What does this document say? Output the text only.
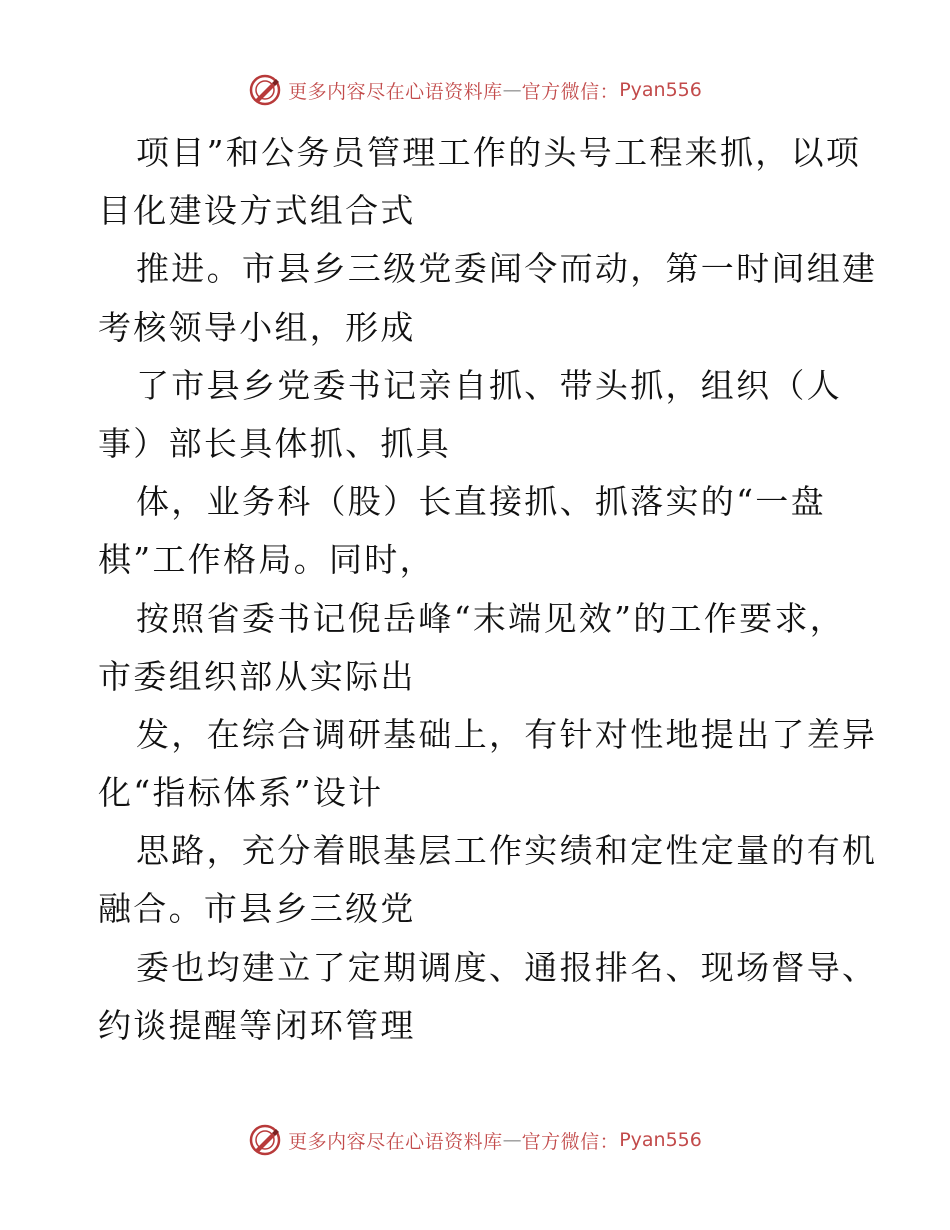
更多内容尽在心语资料库 — 官方微信： Pyan556
项目”和公务员管理工作的头号工程来抓，以项
目化建设方式组合式
推进。市县乡三级党委闻令而动，第一时间组建
考核领导小组，形成
了市县乡党委书记亲自抓、带头抓，组织（人
事）部长具体抓、抓具
体，业务科（股）长直接抓、抓落实的“一盘
棋”工作格局。同时，
按照省委书记倪岳峰“末端见效”的工作要求，
市委组织部从实际出
发，在综合调研基础上，有针对性地提出了差异
化“指标体系”设计
思路，充分着眼基层工作实绩和定性定量的有机
融合。市县乡三级党
委也均建立了定期调度、通报排名、现场督导、
约谈提醒等闭环管理
更多内容尽在心语资料库 — 官方微信： Pyan556
